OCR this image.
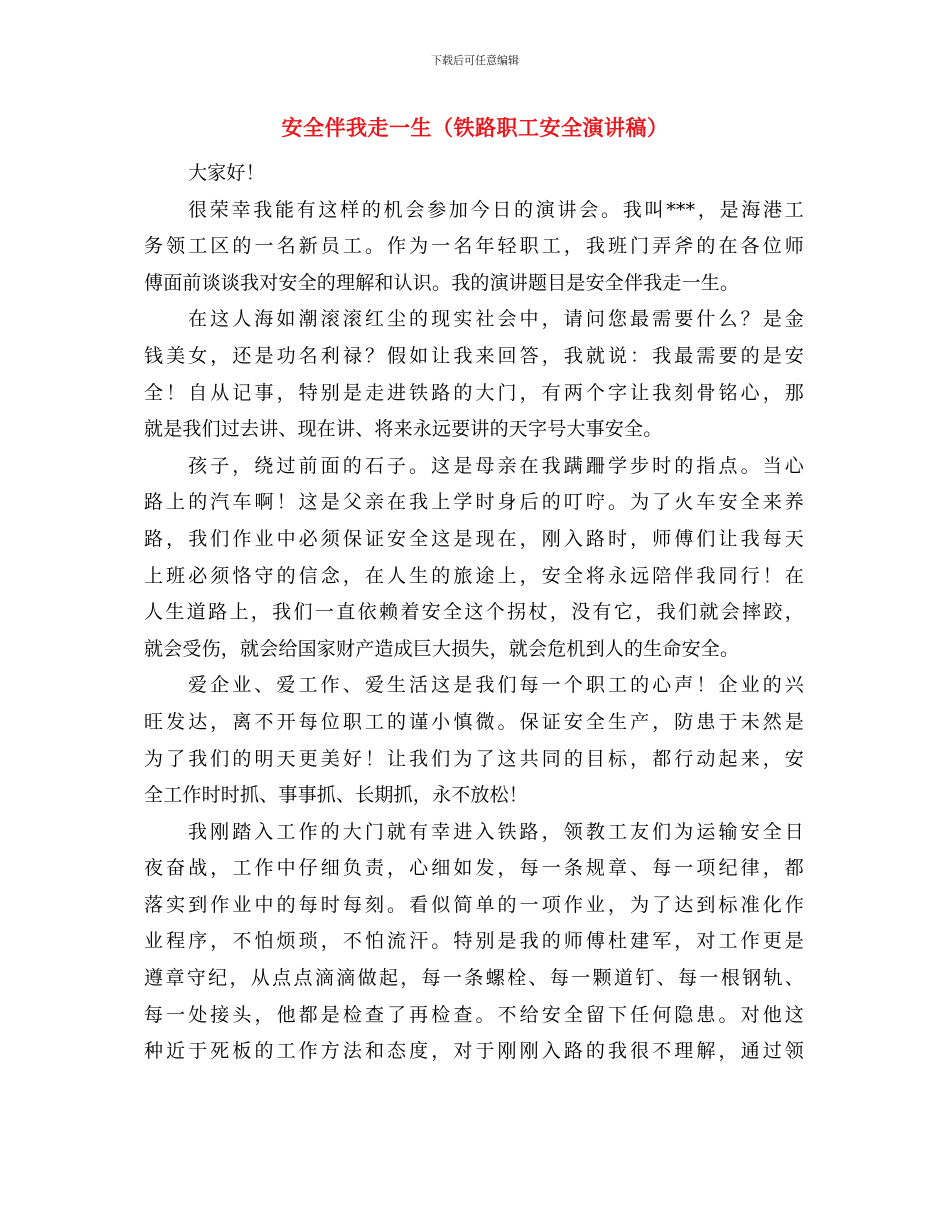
下载后可任意编辑
安全伴我走一生（铁路职工安全演讲稿）
大家好！
很荣幸我能有这样的机会参加今日的演讲会。我叫***，是海港工
务领工区的一名新员工。作为一名年轻职工，我班门弄斧的在各位师
傅面前谈谈我对安全的理解和认识。我的演讲题目是安全伴我走一生。
在这人海如潮滚滚红尘的现实社会中，请问您最需要什么？是金
钱美女，还是功名利禄？假如让我来回答，我就说：我最需要的是安
全！自从记事，特别是走进铁路的大门，有两个字让我刻骨铭心，那
就是我们过去讲、现在讲、将来永远要讲的天字号大事安全。
孩子，绕过前面的石子。这是母亲在我蹒跚学步时的指点。当心
路上的汽车啊！这是父亲在我上学时身后的叮咛。为了火车安全来养
路，我们作业中必须保证安全这是现在，刚入路时，师傅们让我每天
上班必须恪守的信念，在人生的旅途上，安全将永远陪伴我同行！在
人生道路上，我们一直依赖着安全这个拐杖，没有它，我们就会摔跤，
就会受伤，就会给国家财产造成巨大损失，就会危机到人的生命安全。
爱企业、爱工作、爱生活这是我们每一个职工的心声！企业的兴
旺发达，离不开每位职工的谨小慎微。保证安全生产，防患于未然是
为了我们的明天更美好！让我们为了这共同的目标，都行动起来，安
全工作时时抓、事事抓、长期抓，永不放松！
我刚踏入工作的大门就有幸进入铁路，领教工友们为运输安全日
夜奋战，工作中仔细负责，心细如发，每一条规章、每一项纪律，都
落实到作业中的每时每刻。看似简单的一项作业，为了达到标准化作
业程序，不怕烦琐，不怕流汗。特别是我的师傅杜建军，对工作更是
遵章守纪，从点点滴滴做起，每一条螺栓、每一颗道钉、每一根钢轨、
每一处接头，他都是检查了再检查。不给安全留下任何隐患。对他这
种近于死板的工作方法和态度，对于刚刚入路的我很不理解，通过领
